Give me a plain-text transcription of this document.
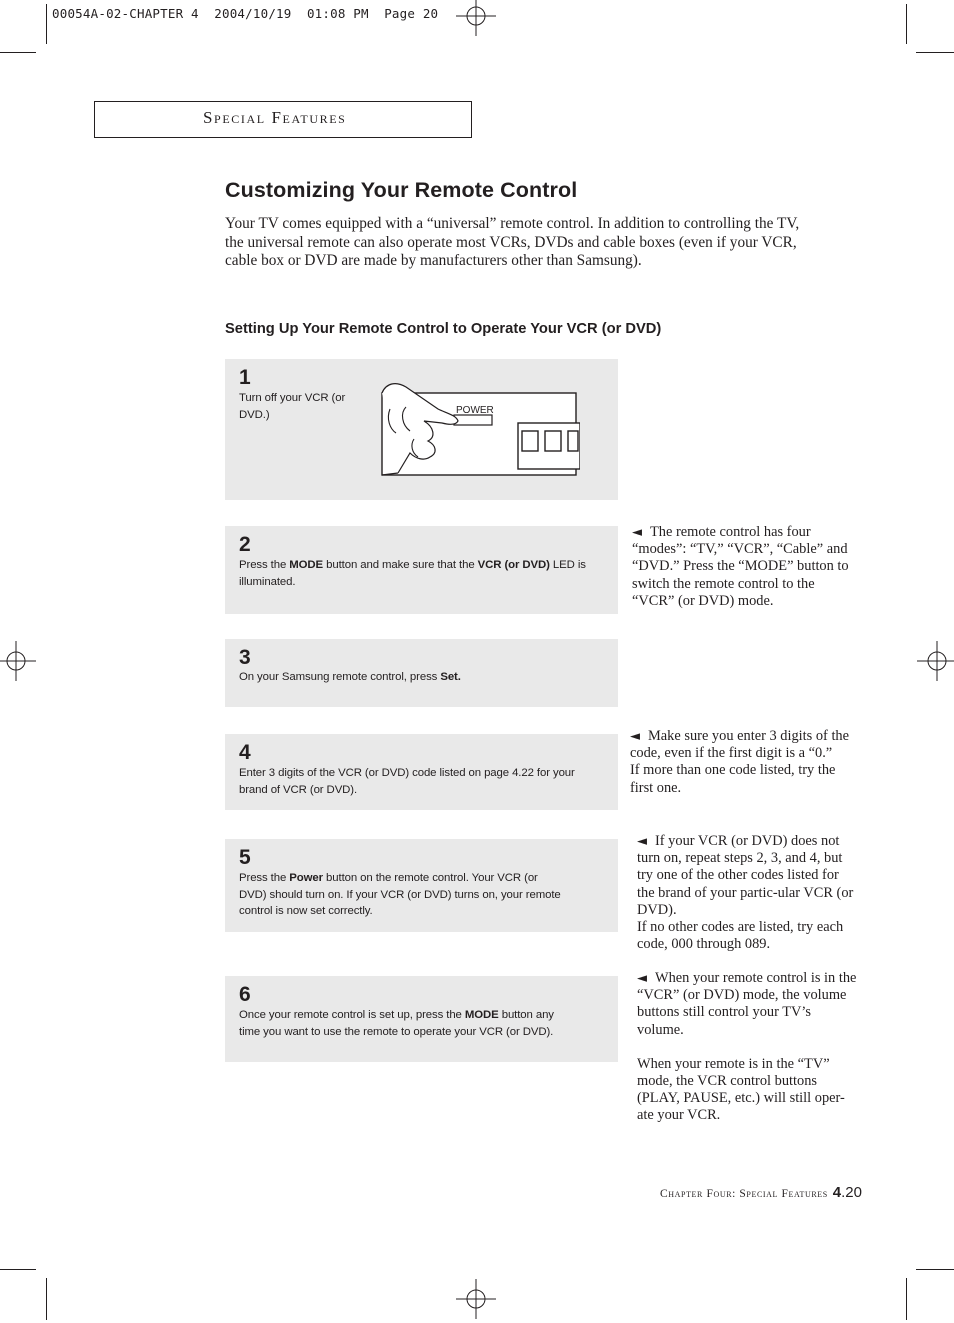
00054A-02-CHAPTER 4  2004/10/19  01:08 PM  Page 20
Special Features
Customizing Your Remote Control
Your TV comes equipped with a “universal” remote control. In addition to controlling the TV, the universal remote can also operate most VCRs, DVDs and cable boxes (even if your VCR, cable box or DVD are made by manufacturers other than Samsung).
Setting Up Your Remote Control to Operate Your VCR (or DVD)
1
Turn off your VCR (or DVD.)	POWER
2
Press the MODE button and make sure that the VCR (or DVD) LED is illuminated.
3
On your Samsung remote control, press Set.
4
Enter 3 digits of the VCR (or DVD) code listed on page 4.22 for your brand of VCR (or DVD).
5
Press the Power button on the remote control. Your VCR (or DVD) should turn on. If your VCR (or DVD) turns on, your remote control is now set correctly.
6
Once your remote control is set up, press the MODE button any time you want to use the remote to operate your VCR (or DVD).
◄ The remote control has four “modes”: “TV,” “VCR”, “Cable” and “DVD.” Press the “MODE” button to switch the remote control to the “VCR” (or DVD) mode.
◄ Make sure you enter 3 digits of the code, even if the first digit is a “0.”
If more than one code listed, try the first one.
◄ If your VCR (or DVD) does not turn on, repeat steps 2, 3, and 4, but try one of the other codes listed for the brand of your partic-ular VCR (or DVD).
If no other codes are listed, try each code, 000 through 089.
◄ When your remote control is in the “VCR” (or DVD) mode, the volume buttons still control your TV’s volume.
When your remote is in the “TV” mode, the VCR control buttons (PLAY, PAUSE, etc.) will still oper-ate your VCR.
Chapter Four: Special Features 4.20
